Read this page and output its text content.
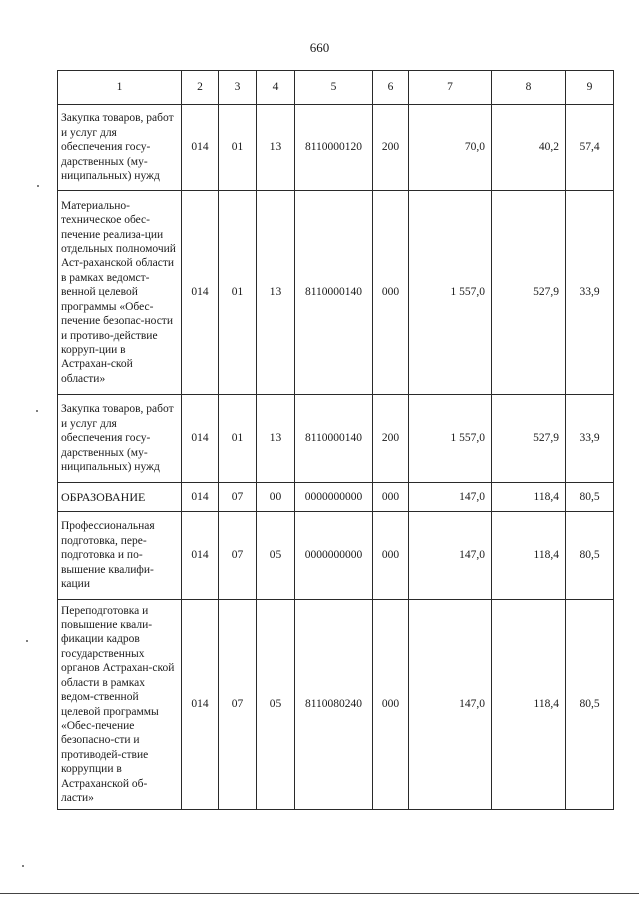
660
1	2	3	4	5	6	7	8	9
Закупка товаров, работ и услуг для обеспечения госу-дарственных (му-ниципальных) нужд	014	01	13	8110000120	200	70,0	40,2	57,4
Материально-техническое обес-печение реализа-ции отдельных полномочий Аст-раханской области в рамках ведомст-венной целевой программы «Обес-печение безопас-ности и противо-действие корруп-ции в Астрахан-ской области»	014	01	13	8110000140	000	1 557,0	527,9	33,9
Закупка товаров, работ и услуг для обеспечения госу-дарственных (му-ниципальных) нужд	014	01	13	8110000140	200	1 557,0	527,9	33,9
ОБРАЗОВАНИЕ	014	07	00	0000000000	000	147,0	118,4	80,5
Профессиональная подготовка, пере-подготовка и по-вышение квалифи-кации	014	07	05	0000000000	000	147,0	118,4	80,5
Переподготовка и повышение квали-фикации кадров государственных органов Астрахан-ской области в рамках ведом-ственной целевой программы «Обес-печение безопасно-сти и противодей-ствие коррупции в Астраханской об-ласти»	014	07	05	8110080240	000	147,0	118,4	80,5
